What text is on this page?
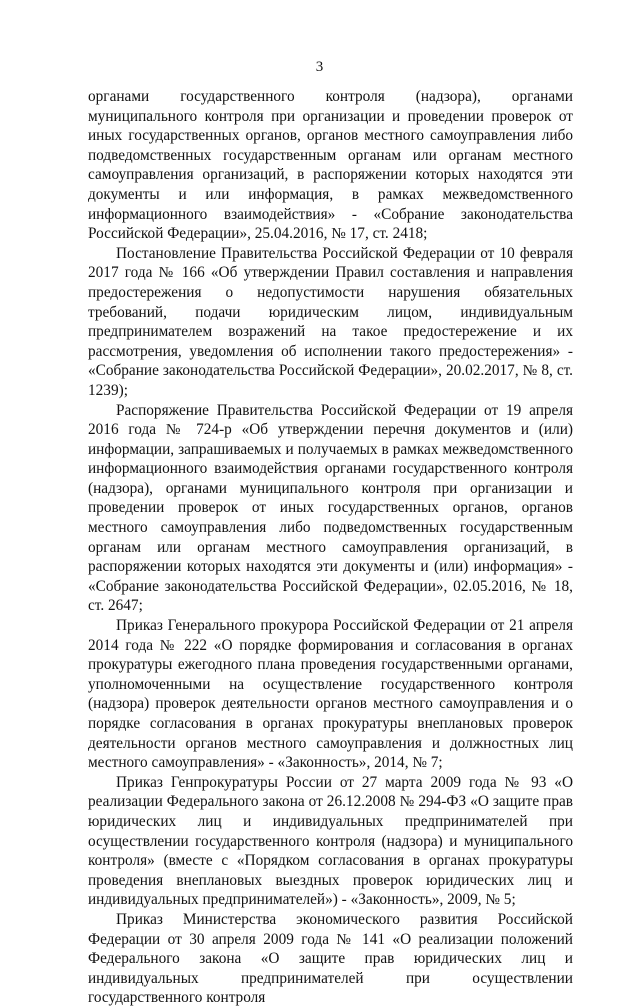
3

органами государственного контроля (надзора), органами муниципального контроля при организации и проведении проверок от иных государственных органов, органов местного самоуправления либо подведомственных государственным органам или органам местного самоуправления организаций, в распоряжении которых находятся эти документы и или информация, в рамках межведомственного информационного взаимодействия» - «Собрание законодательства Российской Федерации», 25.04.2016, № 17, ст. 2418;

Постановление Правительства Российской Федерации от 10 февраля 2017 года № 166 «Об утверждении Правил составления и направления предостережения о недопустимости нарушения обязательных требований, подачи юридическим лицом, индивидуальным предпринимателем возражений на такое предостережение и их рассмотрения, уведомления об исполнении такого предостережения» - «Собрание законодательства Российской Федерации», 20.02.2017, № 8, ст. 1239);

Распоряжение Правительства Российской Федерации от 19 апреля 2016 года № 724-р «Об утверждении перечня документов и (или) информации, запрашиваемых и получаемых в рамках межведомственного информационного взаимодействия органами государственного контроля (надзора), органами муниципального контроля при организации и проведении проверок от иных государственных органов, органов местного самоуправления либо подведомственных государственным органам или органам местного самоуправления организаций, в распоряжении которых находятся эти документы и (или) информация» - «Собрание законодательства Российской Федерации», 02.05.2016, № 18, ст. 2647;

Приказ Генерального прокурора Российской Федерации от 21 апреля 2014 года № 222 «О порядке формирования и согласования в органах прокуратуры ежегодного плана проведения государственными органами, уполномоченными на осуществление государственного контроля (надзора) проверок деятельности органов местного самоуправления и о порядке согласования в органах прокуратуры внеплановых проверок деятельности органов местного самоуправления и должностных лиц местного самоуправления» - «Законность», 2014, № 7;

Приказ Генпрокуратуры России от 27 марта 2009 года № 93 «О реализации Федерального закона от 26.12.2008 № 294-ФЗ «О защите прав юридических лиц и индивидуальных предпринимателей при осуществлении государственного контроля (надзора) и муниципального контроля» (вместе с «Порядком согласования в органах прокуратуры проведения внеплановых выездных проверок юридических лиц и индивидуальных предпринимателей») - «Законность», 2009, № 5;

Приказ Министерства экономического развития Российской Федерации от 30 апреля 2009 года № 141 «О реализации положений Федерального закона «О защите прав юридических лиц и индивидуальных предпринимателей при осуществлении государственного контроля
